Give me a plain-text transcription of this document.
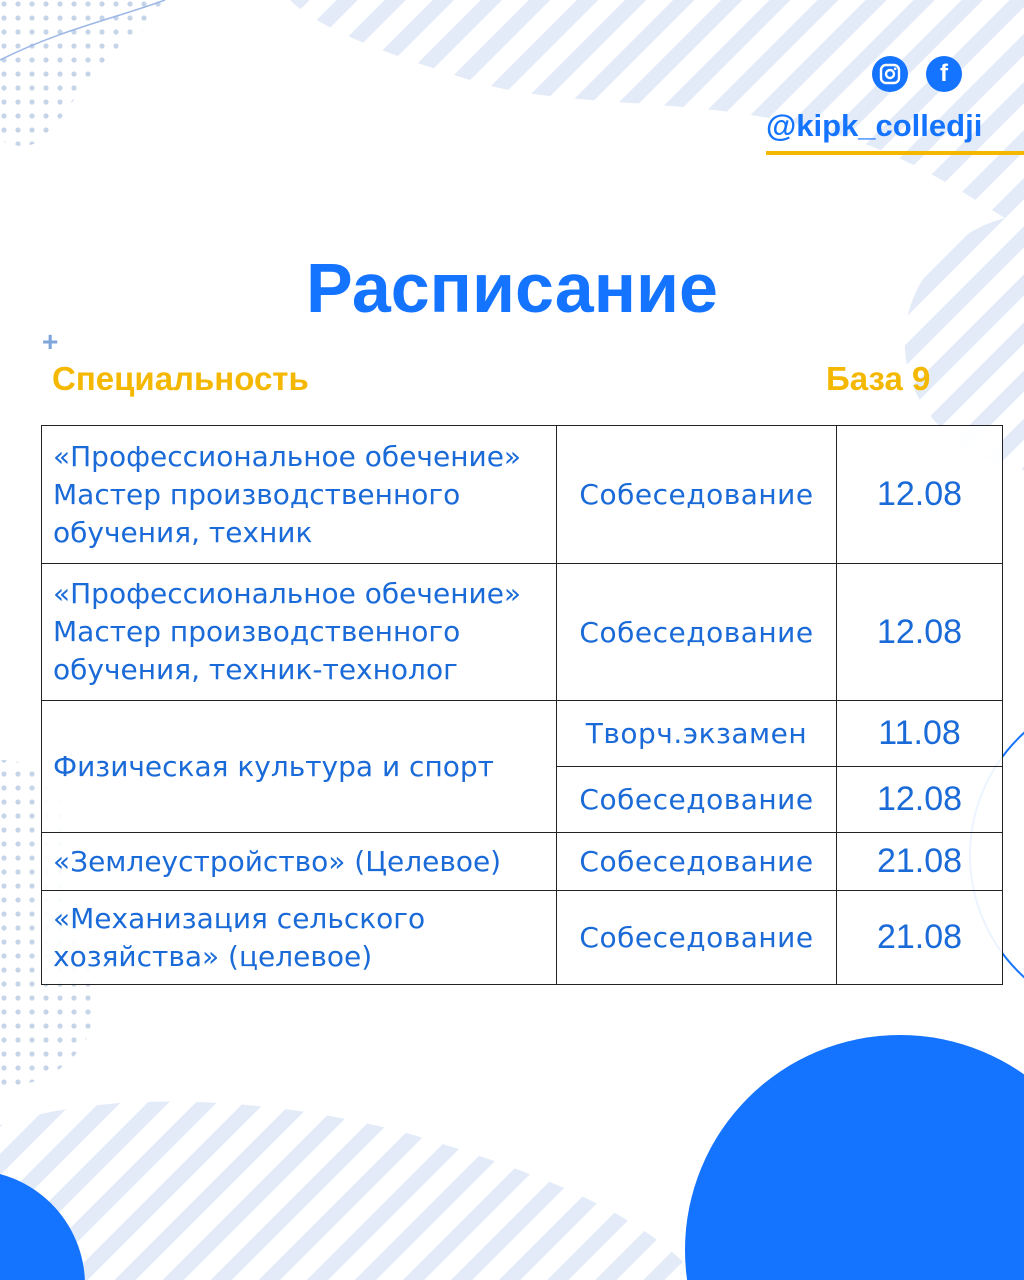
f
@kipk_colledji
Расписание
+
Специальность	База 9
«Профессиональное обечение» Мастер производственного обучения, техник	Собеседование	12.08
«Профессиональное обечение» Мастер производственного обучения, техник-технолог	Собеседование	12.08
Физическая культура и спорт	Творч.экзамен	11.08
	Собеседование	12.08
«Землеустройство» (Целевое)	Собеседование	21.08
«Механизация сельского хозяйства» (целевое)	Собеседование	21.08
